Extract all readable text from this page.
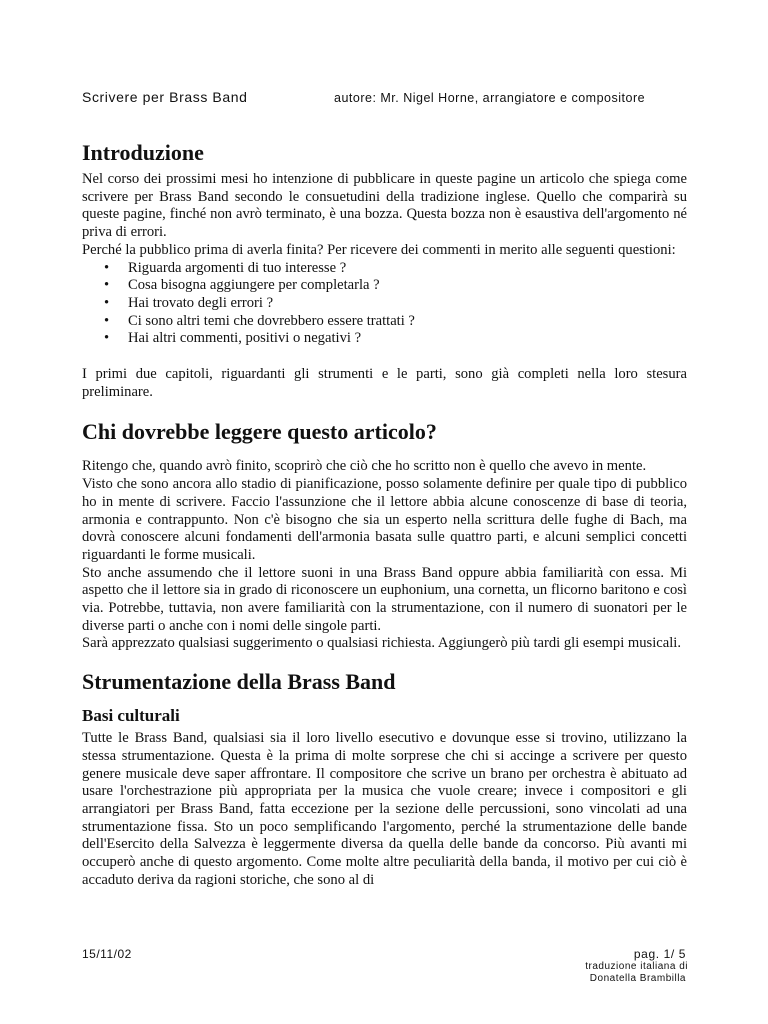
Scrivere per Brass Band	autore: Mr. Nigel Horne, arrangiatore e compositore
Introduzione

Nel corso dei prossimi mesi ho intenzione di pubblicare in queste pagine un articolo che spiega come scrivere per Brass Band secondo le consuetudini della tradizione inglese. Quello che comparirà su queste pagine, finché non avrò terminato, è una bozza. Questa bozza non è esaustiva dell'argomento né priva di errori.

Perché la pubblico prima di averla finita? Per ricevere dei commenti in merito alle seguenti questioni:

• Riguarda argomenti di tuo interesse ?
• Cosa bisogna aggiungere per completarla ?
• Hai trovato degli errori ?
• Ci sono altri temi che dovrebbero essere trattati ?
• Hai altri commenti, positivi o negativi ?

I primi due capitoli, riguardanti gli strumenti e le parti, sono già completi nella loro stesura preliminare.

Chi dovrebbe leggere questo articolo?

Ritengo che, quando avrò finito, scoprirò che ciò che ho scritto non è quello che avevo in mente.

Visto che sono ancora allo stadio di pianificazione, posso solamente definire per quale tipo di pubblico ho in mente di scrivere. Faccio l'assunzione che il lettore abbia alcune conoscenze di base di teoria, armonia e contrappunto. Non c'è bisogno che sia un esperto nella scrittura delle fughe di Bach, ma dovrà conoscere alcuni fondamenti dell'armonia basata sulle quattro parti, e alcuni semplici concetti riguardanti le forme musicali.

Sto anche assumendo che il lettore suoni in una Brass Band oppure abbia familiarità con essa. Mi aspetto che il lettore sia in grado di riconoscere un euphonium, una cornetta, un flicorno baritono e così via. Potrebbe, tuttavia, non avere familiarità con la strumentazione, con il numero di suonatori per le diverse parti o anche con i nomi delle singole parti.

Sarà apprezzato qualsiasi suggerimento o qualsiasi richiesta. Aggiungerò più tardi gli esempi musicali.

Strumentazione della Brass Band
Basi culturali

Tutte le Brass Band, qualsiasi sia il loro livello esecutivo e dovunque esse si trovino, utilizzano la stessa strumentazione. Questa è la prima di molte sorprese che chi si accinge a scrivere per questo genere musicale deve saper affrontare. Il compositore che scrive un brano per orchestra è abituato ad usare l'orchestrazione più appropriata per la musica che vuole creare; invece i compositori e gli arrangiatori per Brass Band, fatta eccezione per la sezione delle percussioni, sono vincolati ad una strumentazione fissa. Sto un poco semplificando l'argomento, perché la strumentazione delle bande dell'Esercito della Salvezza è leggermente diversa da quella delle bande da concorso. Più avanti mi occuperò anche di questo argomento. Come molte altre peculiarità della banda, il motivo per cui ciò è accaduto deriva da ragioni storiche, che sono al di

15/11/02	pag. 1/ 5
traduzione italiana di
Donatella Brambilla
